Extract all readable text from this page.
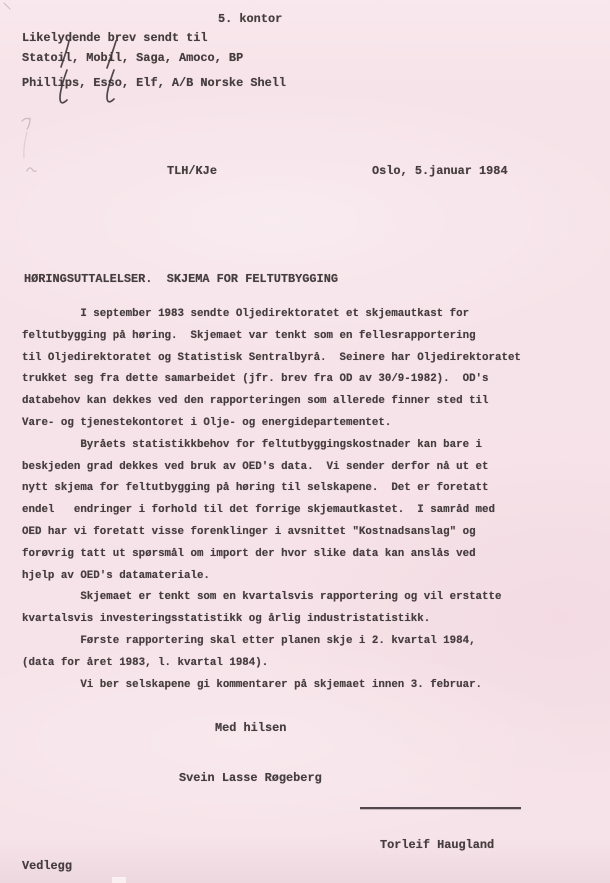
5. kontor
Likelydende brev sendt til
Statoil, Mobil, Saga, Amoco, BP
Phillips, Esso, Elf, A/B Norske Shell
TLH/KJe	Oslo, 5.januar 1984
HØRINGSUTTALELSER.  SKJEMA FOR FELTUTBYGGING
I september 1983 sendte Oljedirektoratet et skjemautkast for
feltutbygging på høring.  Skjemaet var tenkt som en fellesrapportering
til Oljedirektoratet og Statistisk Sentralbyrå.  Seinere har Oljedirektoratet
trukket seg fra dette samarbeidet (jfr. brev fra OD av 30/9-1982).  OD's
databehov kan dekkes ved den rapporteringen som allerede finner sted til
Vare- og tjenestekontoret i Olje- og energidepartementet.
Byråets statistikkbehov for feltutbyggingskostnader kan bare i
beskjeden grad dekkes ved bruk av OED's data.  Vi sender derfor nå ut et
nytt skjema for feltutbygging på høring til selskapene.  Det er foretatt
endel   endringer i forhold til det forrige skjemautkastet.  I samråd med
OED har vi foretatt visse forenklinger i avsnittet "Kostnadsanslag" og
forøvrig tatt ut spørsmål om import der hvor slike data kan anslås ved
hjelp av OED's datamateriale.
Skjemaet er tenkt som en kvartalsvis rapportering og vil erstatte
kvartalsvis investeringsstatistikk og årlig industristatistikk.
Første rapportering skal etter planen skje i 2. kvartal 1984,
(data for året 1983, l. kvartal 1984).
Vi ber selskapene gi kommentarer på skjemaet innen 3. februar.
Med hilsen
Svein Lasse Røgeberg
Torleif Haugland
Vedlegg
